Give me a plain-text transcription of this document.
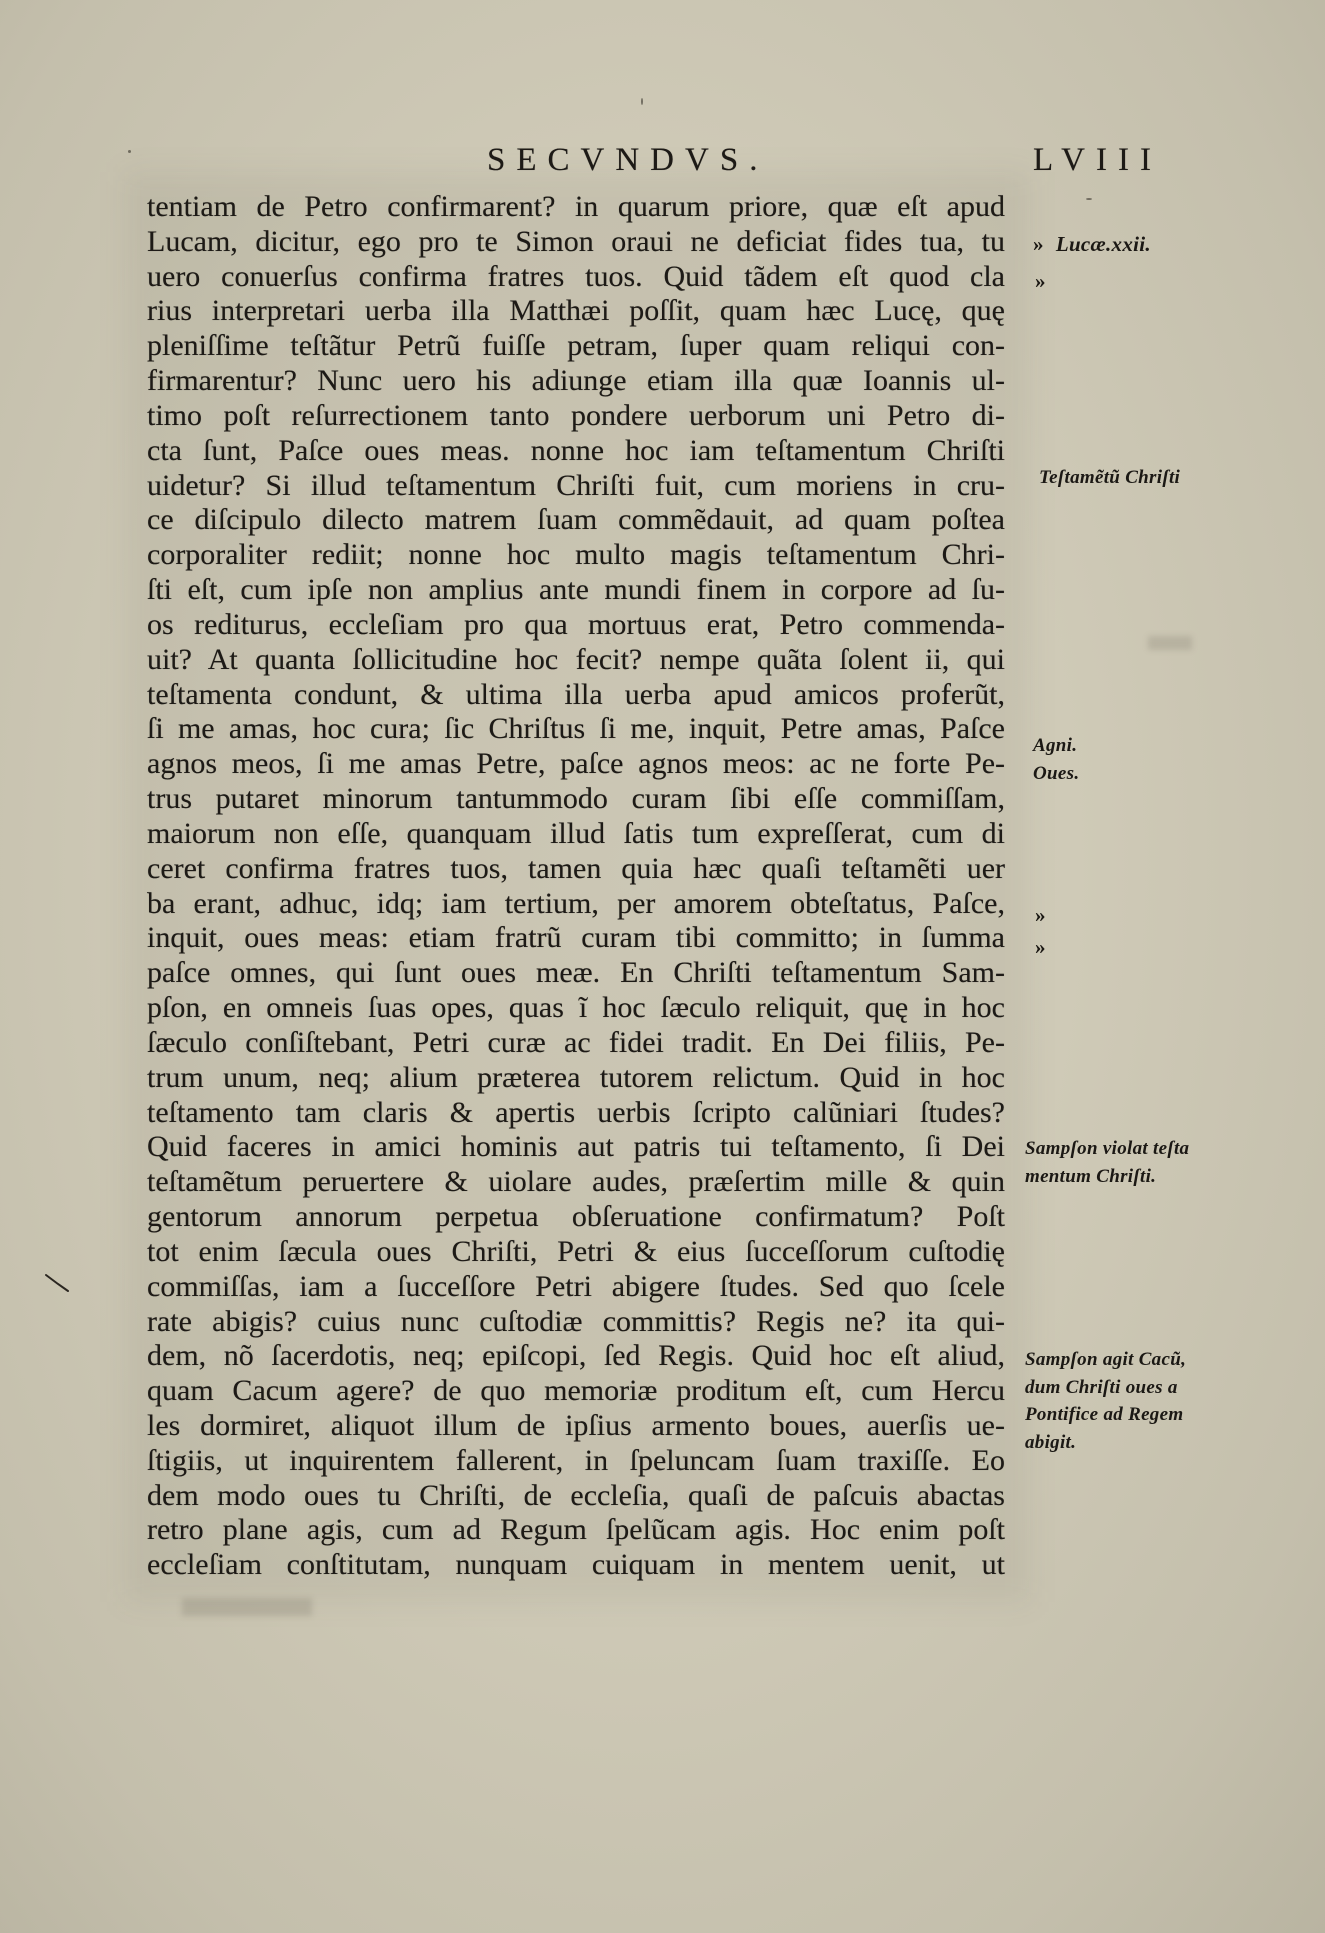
SECVNDVS.	LVIII
tentiam de Petro confirmarent? in quarum priore, quæ eſt apud
Lucam, dicitur, ego pro te Simon oraui ne deficiat fides tua, tu
uero conuerſus confirma fratres tuos. Quid tãdem eſt quod cla
rius interpretari uerba illa Matthæi poſſit, quam hæc Lucę, quę
pleniſſime teſtãtur Petrũ fuiſſe petram, ſuper quam reliqui con-
firmarentur? Nunc uero his adiunge etiam illa quæ Ioannis ul-
timo poſt reſurrectionem tanto pondere uerborum uni Petro di-
cta ſunt, Paſce oues meas. nonne hoc iam teſtamentum Chriſti
uidetur? Si illud teſtamentum Chriſti fuit, cum moriens in cru-
ce diſcipulo dilecto matrem ſuam commẽdauit, ad quam poſtea
corporaliter rediit; nonne hoc multo magis teſtamentum Chri-
ſti eſt, cum ipſe non amplius ante mundi finem in corpore ad ſu-
os rediturus, eccleſiam pro qua mortuus erat, Petro commenda-
uit? At quanta ſollicitudine hoc fecit? nempe quãta ſolent ii, qui
teſtamenta condunt, & ultima illa uerba apud amicos proferũt,
ſi me amas, hoc cura; ſic Chriſtus ſi me, inquit, Petre amas, Paſce
agnos meos, ſi me amas Petre, paſce agnos meos: ac ne forte Pe-
trus putaret minorum tantummodo curam ſibi eſſe commiſſam,
maiorum non eſſe, quanquam illud ſatis tum expreſſerat, cum di
ceret confirma fratres tuos, tamen quia hæc quaſi teſtamẽti uer
ba erant, adhuc, idq; iam tertium, per amorem obteſtatus, Paſce,
inquit, oues meas: etiam fratrũ curam tibi committo; in ſumma
paſce omnes, qui ſunt oues meæ. En Chriſti teſtamentum Sam-
pſon, en omneis ſuas opes, quas ĩ hoc ſæculo reliquit, quę in hoc
ſæculo conſiſtebant, Petri curæ ac fidei tradit. En Dei filiis, Pe-
trum unum, neq; alium præterea tutorem relictum. Quid in hoc
teſtamento tam claris & apertis uerbis ſcripto calũniari ſtudes?
Quid faceres in amici hominis aut patris tui teſtamento, ſi Dei
teſtamẽtum peruertere & uiolare audes, præſertim mille & quin
gentorum annorum perpetua obſeruatione confirmatum? Poſt
tot enim ſæcula oues Chriſti, Petri & eius ſucceſſorum cuſtodię
commiſſas, iam a ſucceſſore Petri abigere ſtudes. Sed quo ſcele
rate abigis? cuius nunc cuſtodiæ committis? Regis ne? ita qui-
dem, nõ ſacerdotis, neq; epiſcopi, ſed Regis. Quid hoc eſt aliud,
quam Cacum agere? de quo memoriæ proditum eſt, cum Hercu
les dormiret, aliquot illum de ipſius armento boues, auerſis ue-
ſtigiis, ut inquirentem fallerent, in ſpeluncam ſuam traxiſſe. Eo
dem modo oues tu Chriſti, de eccleſia, quaſi de paſcuis abactas
retro plane agis, cum ad Regum ſpelũcam agis. Hoc enim poſt
eccleſiam conſtitutam, nunquam cuiquam in mentem uenit, ut
» Lucæ.xxii.
»
Teſtamẽtũ Chriſti
Agni.
Oues.
»
»
Sampſon violat teſta
mentum Chriſti.
Sampſon agit Cacũ,
dum Chriſti oues a
Pontifice ad Regem
abigit.
